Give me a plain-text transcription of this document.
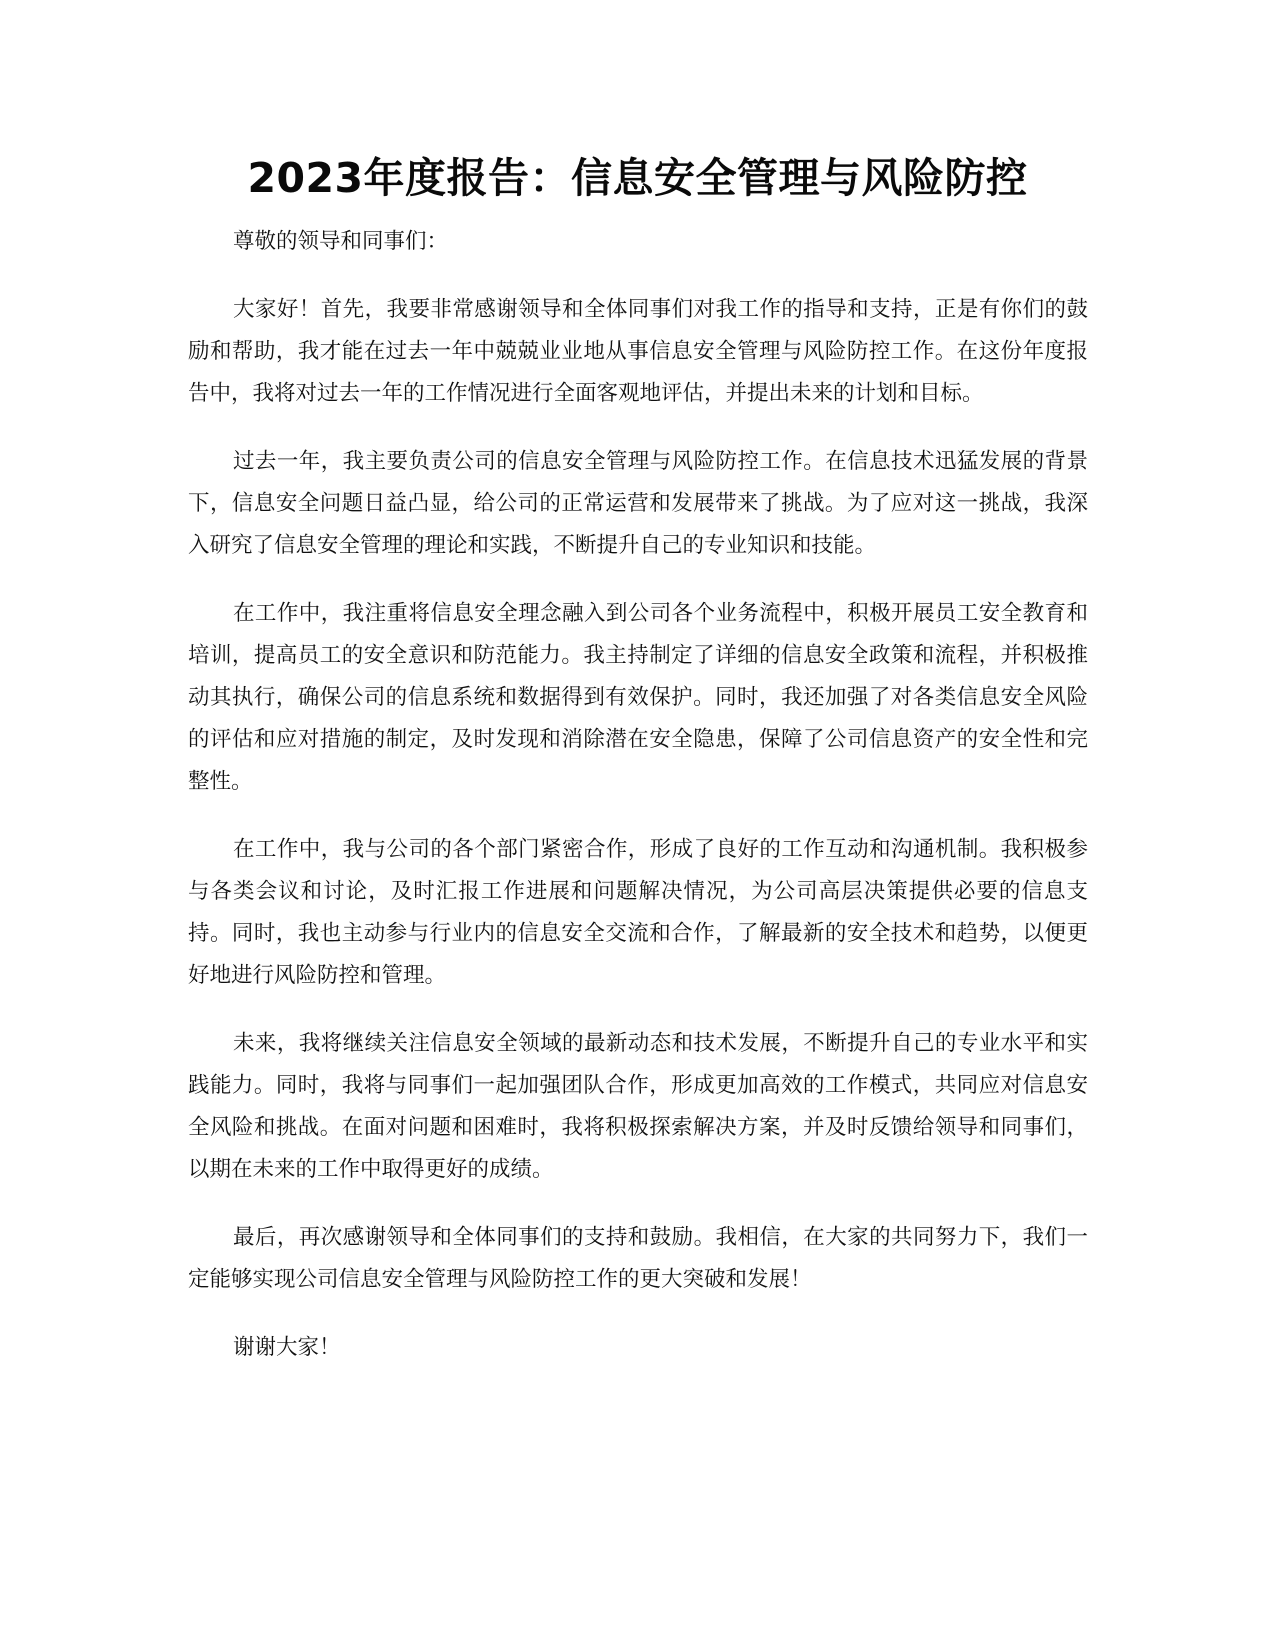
2023年度报告：信息安全管理与风险防控

尊敬的领导和同事们：

大家好！首先，我要非常感谢领导和全体同事们对我工作的指导和支持，正是有你们的鼓励和帮助，我才能在过去一年中兢兢业业地从事信息安全管理与风险防控工作。在这份年度报告中，我将对过去一年的工作情况进行全面客观地评估，并提出未来的计划和目标。

过去一年，我主要负责公司的信息安全管理与风险防控工作。在信息技术迅猛发展的背景下，信息安全问题日益凸显，给公司的正常运营和发展带来了挑战。为了应对这一挑战，我深入研究了信息安全管理的理论和实践，不断提升自己的专业知识和技能。

在工作中，我注重将信息安全理念融入到公司各个业务流程中，积极开展员工安全教育和培训，提高员工的安全意识和防范能力。我主持制定了详细的信息安全政策和流程，并积极推动其执行，确保公司的信息系统和数据得到有效保护。同时，我还加强了对各类信息安全风险的评估和应对措施的制定，及时发现和消除潜在安全隐患，保障了公司信息资产的安全性和完整性。

在工作中，我与公司的各个部门紧密合作，形成了良好的工作互动和沟通机制。我积极参与各类会议和讨论，及时汇报工作进展和问题解决情况，为公司高层决策提供必要的信息支持。同时，我也主动参与行业内的信息安全交流和合作，了解最新的安全技术和趋势，以便更好地进行风险防控和管理。

未来，我将继续关注信息安全领域的最新动态和技术发展，不断提升自己的专业水平和实践能力。同时，我将与同事们一起加强团队合作，形成更加高效的工作模式，共同应对信息安全风险和挑战。在面对问题和困难时，我将积极探索解决方案，并及时反馈给领导和同事们，以期在未来的工作中取得更好的成绩。

最后，再次感谢领导和全体同事们的支持和鼓励。我相信，在大家的共同努力下，我们一定能够实现公司信息安全管理与风险防控工作的更大突破和发展！

谢谢大家！
